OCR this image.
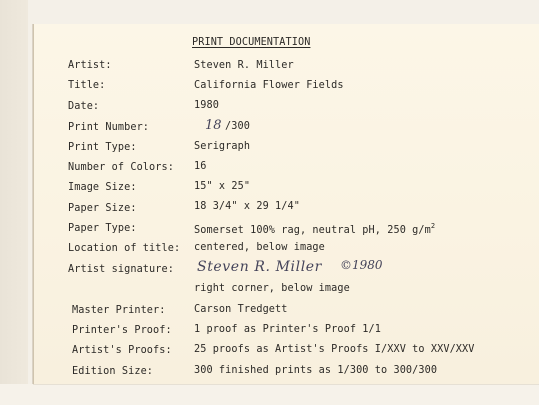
PRINT DOCUMENTATION
Artist:	Steven R. Miller
Title:	California Flower Fields
Date:	1980
Print Number:	18 /300
Print Type:	Serigraph
Number of Colors: 16
Image Size:	15" x 25"
Paper Size:	18 3/4" x 29 1/4"
Paper Type:	Somerset 100% rag, neutral pH, 250 $g/m^2$
Location of title: centered, below image
Artist signature: Steven R. Miller ©1980
right corner, below image
Master Printer:	Carson Tredgett
Printer's Proof: 1 proof as Printer's Proof 1/1
Artist's Proofs: 25 proofs as Artist's Proofs I/XXV to XXV/XXV
Edition Size:	300 finished prints as 1/300 to 300/300
